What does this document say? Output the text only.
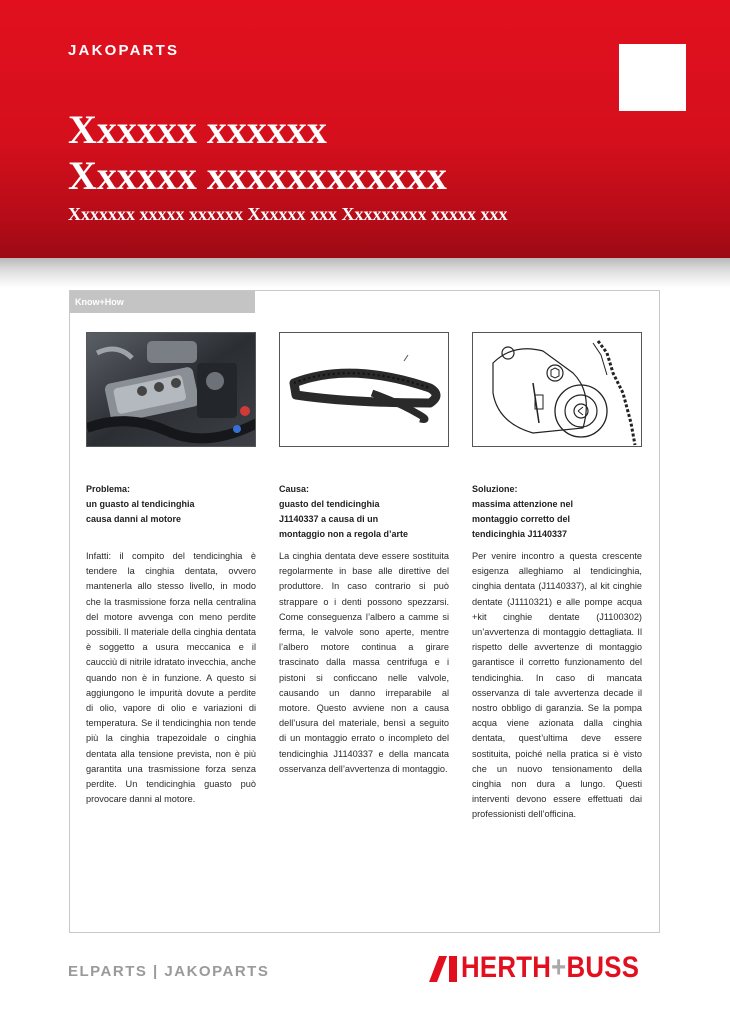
JAKOPARTS
Xxxxxx xxxxxx
Xxxxxx xxxxxxxxxxxx
Xxxxxxx xxxxx xxxxxx Xxxxxx xxx Xxxxxxxxx xxxxx xxx
Know+How
Problema:
un guasto al tendicinghia
causa danni al motore
Infatti: il compito del tendicinghia è tendere la cinghia dentata, ovvero mantenerla allo stesso livello, in modo che la trasmissione forza nella centralina del motore avvenga con meno perdite possibili. Il materiale della cinghia dentata è soggetto a usura meccanica e il caucciù di nitrile idratato invecchia, anche quando non è in funzione. A questo si aggiungono le impurità dovute a perdite di olio, vapore di olio e variazioni di temperatura. Se il tendicinghia non tende più la cinghia trapezoidale o cinghia dentata alla tensione prevista, non è più garantita una trasmissione forza senza perdite. Un tendicinghia guasto può provocare danni al motore.
Causa:
guasto del tendicinghia
J1140337 a causa di un
montaggio non a regola d’arte
La cinghia dentata deve essere sostituita regolarmente in base alle direttive del produttore. In caso contrario si può strappare o i denti possono spezzarsi. Come conseguenza l’albero a camme si ferma, le valvole sono aperte, mentre l’albero motore continua a girare trascinato dalla massa centrifuga e i pistoni si conficcano nelle valvole, causando un danno irreparabile al motore. Questo avviene non a causa dell’usura del materiale, bensì a seguito di un montaggio errato o incompleto del tendicinghia J1140337 e della mancata osservanza dell’avvertenza di montaggio.
Soluzione:
massima attenzione nel
montaggio corretto del
tendicinghia J1140337
Per venire incontro a questa crescente esigenza alleghiamo al tendicinghia, cinghia dentata (J1140337), al kit cinghie dentate (J1110321) e alle pompe acqua +kit cinghie dentate (J1100302) un’avvertenza di montaggio dettagliata. Il rispetto delle avvertenze di montaggio garantisce il corretto funzionamento del tendicinghia. In caso di mancata osservanza di tale avvertenza decade il nostro obbligo di garanzia. Se la pompa acqua viene azionata dalla cinghia dentata, quest’ultima deve essere sostituita, poiché nella pratica si è visto che un nuovo tensionamento della cinghia non dura a lungo. Questi interventi devono essere effettuati dai professionisti dell’officina.
ELPARTS | JAKOPARTS	HERTH+BUSS
